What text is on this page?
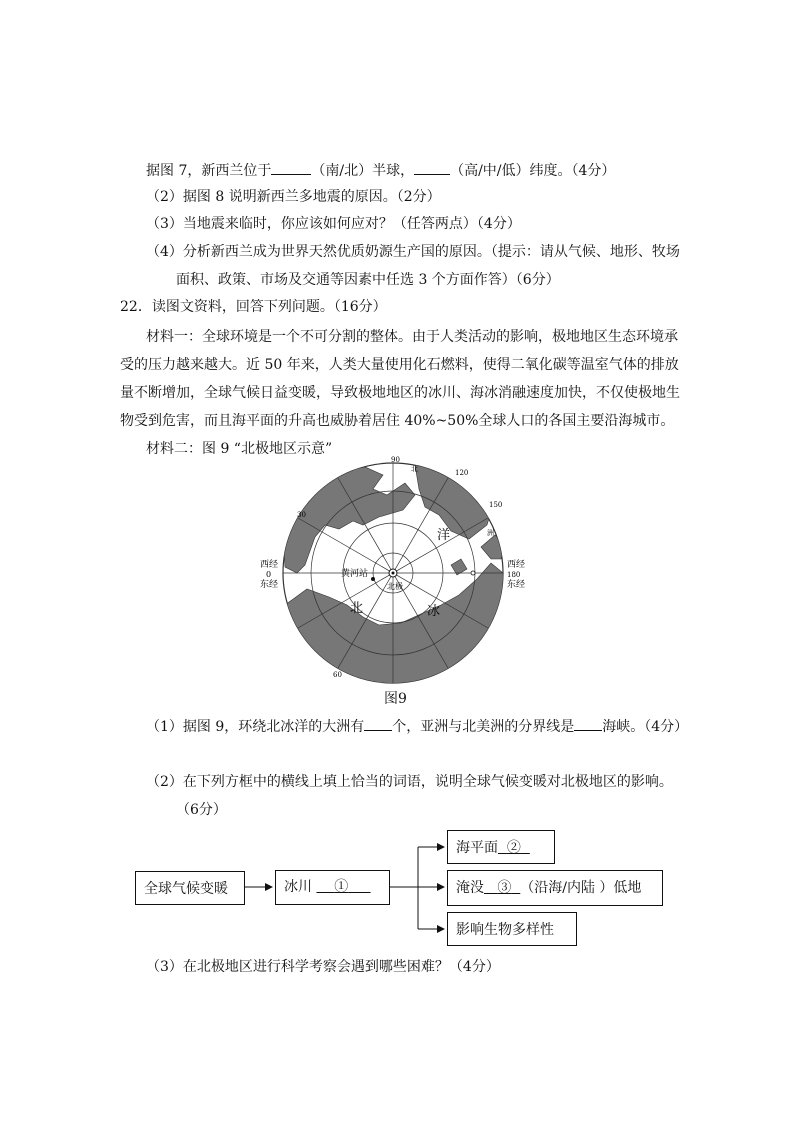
据图 7，新西兰位于	（南/北）半球，	（高/中/低）纬度。（4分）
（2）据图 8 说明新西兰多地震的原因。（2分）
（3）当地震来临时，你应该如何应对？（任答两点）（4分）
（4）分析新西兰成为世界天然优质奶源生产国的原因。（提示：请从气候、地形、牧场
面积、政策、市场及交通等因素中任选 3 个方面作答）（6分）
22．读图文资料，回答下列问题。（16分）
材料一：全球环境是一个不可分割的整体。由于人类活动的影响，极地地区生态环境承
受的压力越来越大。近 50 年来，人类大量使用化石燃料，使得二氧化碳等温室气体的排放
量不断增加，全球气候日益变暖，导致极地地区的冰川、海冰消融速度加快，不仅使极地生
物受到危害，而且海平面的升高也威胁着居住 40%~50%全球人口的各国主要沿海城市。
材料二：图 9 “北极地区示意”
洋
北	冰
北极
黄河站
西经
0
东经
西经
东经
90
120
150
180
30
60
北
洲
图9
（1）据图 9，环绕北冰洋的大洲有 个，亚洲与北美洲的分界线是 海峡。（4分）
（2）在下列方框中的横线上填上恰当的词语，说明全球气候变暖对北极地区的影响。
（6分）
全球气候变暖	冰川 ①
海平面 ②
淹没 ③ （沿海/内陆 ）低地
影响生物多样性
（3）在北极地区进行科学考察会遇到哪些困难？（4分）
